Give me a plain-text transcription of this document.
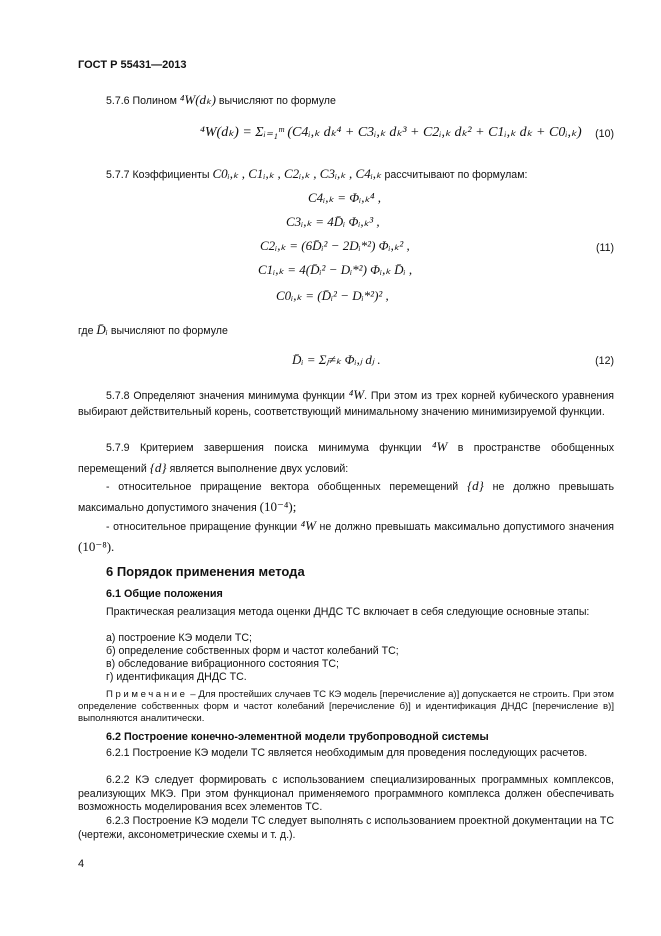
ГОСТ Р 55431—2013
5.7.6 Полином ⁴W(dₖ) вычисляют по формуле
⁴W(dₖ) = Σᵢ₌₁ᵐ (C4ᵢ,ₖ dₖ⁴ + C3ᵢ,ₖ dₖ³ + C2ᵢ,ₖ dₖ² + C1ᵢ,ₖ dₖ + C0ᵢ,ₖ)	(10)
5.7.7 Коэффициенты C0ᵢ,ₖ , C1ᵢ,ₖ , C2ᵢ,ₖ , C3ᵢ,ₖ , C4ᵢ,ₖ рассчитывают по формулам:
C4ᵢ,ₖ = Φᵢ,ₖ⁴ ,
C3ᵢ,ₖ = 4D̄ᵢ Φᵢ,ₖ³ ,
C2ᵢ,ₖ = (6D̄ᵢ² − 2Dᵢ*²) Φᵢ,ₖ² ,
C1ᵢ,ₖ = 4(D̄ᵢ² − Dᵢ*²) Φᵢ,ₖ D̄ᵢ ,
C0ᵢ,ₖ = (D̄ᵢ² − Dᵢ*²)² ,
(11)
где D̄ᵢ вычисляют по формуле
D̄ᵢ = Σⱼ≠ₖ Φᵢ,ⱼ dⱼ .	(12)
5.7.8 Определяют значения минимума функции ⁴W. При этом из трех корней кубического уравнения выбирают действительный корень, соответствующий минимальному значению минимизируемой функции.
5.7.9 Критерием завершения поиска минимума функции ⁴W в пространстве обобщенных перемещений {d} является выполнение двух условий:
- относительное приращение вектора обобщенных перемещений {d} не должно превышать максимально допустимого значения (10⁻⁴);
- относительное приращение функции ⁴W не должно превышать максимально допустимого значения (10⁻⁸).
6 Порядок применения метода
6.1 Общие положения
Практическая реализация метода оценки ДНДС ТС включает в себя следующие основные этапы:
а) построение КЭ модели ТС;
б) определение собственных форм и частот колебаний ТС;
в) обследование вибрационного состояния ТС;
г) идентификация ДНДС ТС.
Примечание – Для простейших случаев ТС КЭ модель [перечисление а)] допускается не строить. При этом определение собственных форм и частот колебаний [перечисление б)] и идентификация ДНДС [перечисление в)] выполняются аналитически.
6.2 Построение конечно-элементной модели трубопроводной системы
6.2.1 Построение КЭ модели ТС является необходимым для проведения последующих расчетов.
6.2.2 КЭ следует формировать с использованием специализированных программных комплексов, реализующих МКЭ. При этом функционал применяемого программного комплекса должен обеспечивать возможность моделирования всех элементов ТС.
6.2.3 Построение КЭ модели ТС следует выполнять с использованием проектной документации на ТС (чертежи, аксонометрические схемы и т. д.).
4
